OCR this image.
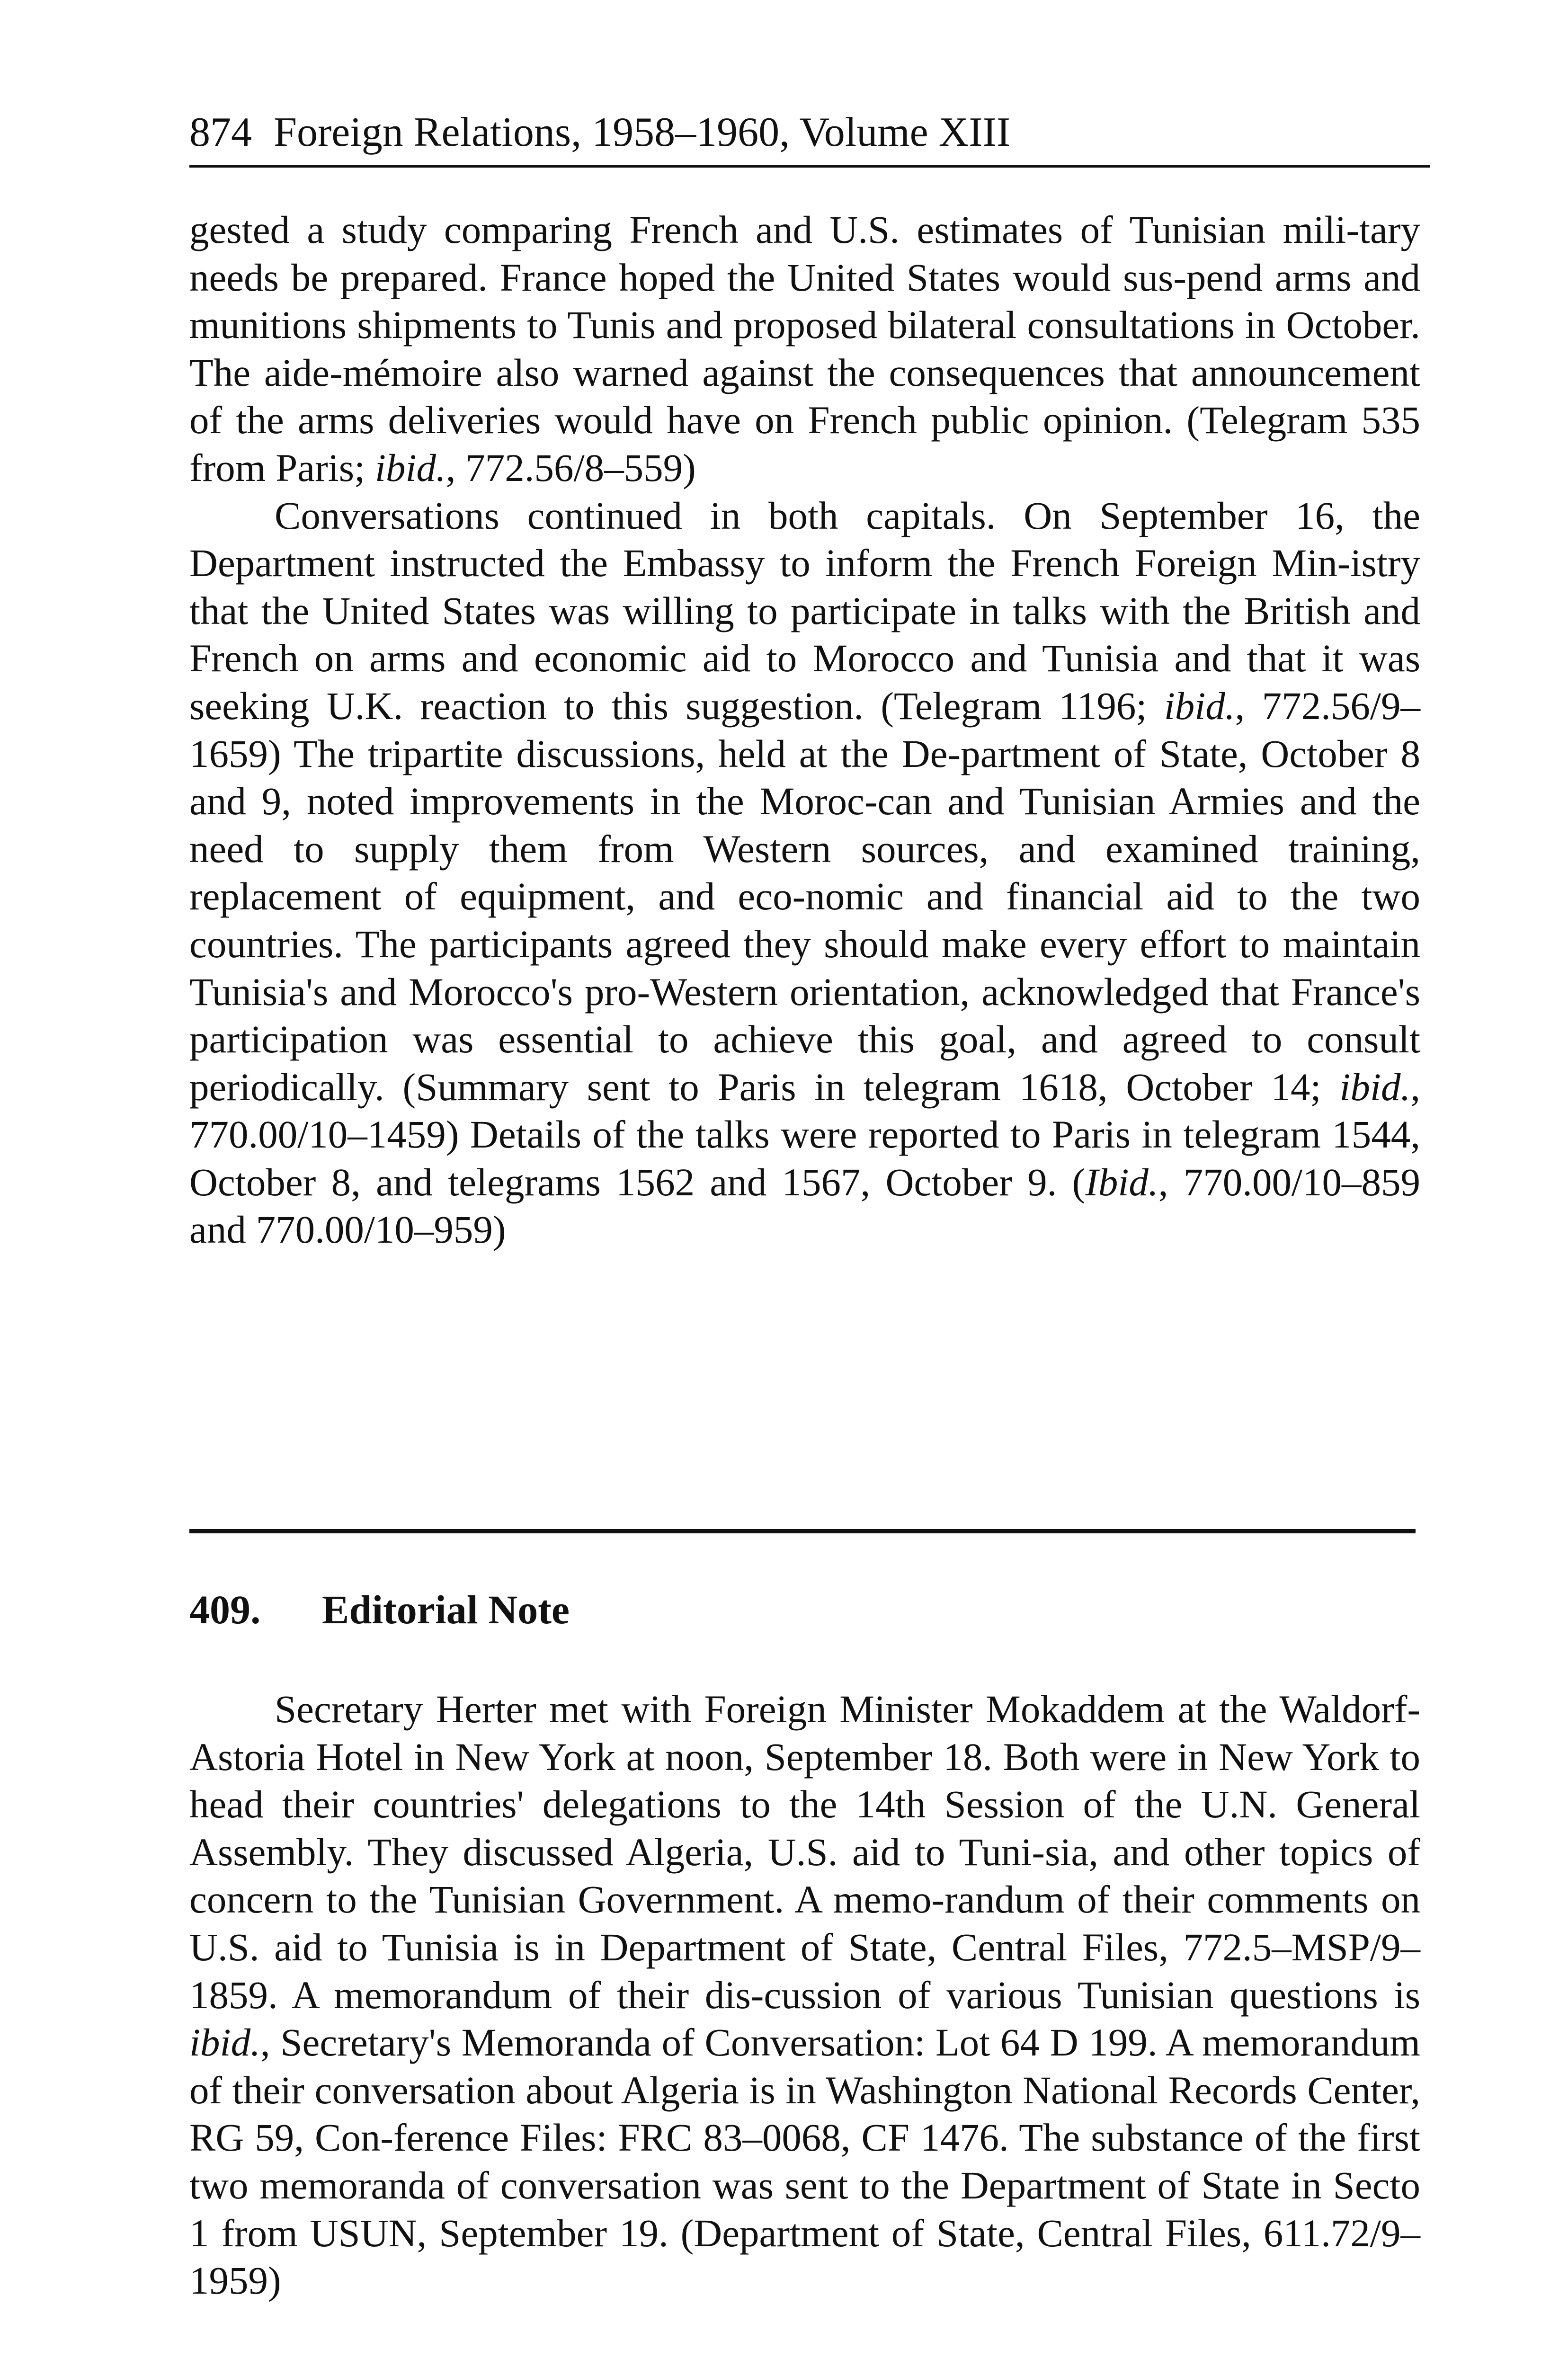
874 Foreign Relations, 1958–1960, Volume XIII

gested a study comparing French and U.S. estimates of Tunisian mili-tary needs be prepared. France hoped the United States would sus-pend arms and munitions shipments to Tunis and proposed bilateral consultations in October. The aide-mémoire also warned against the consequences that announcement of the arms deliveries would have on French public opinion. (Telegram 535 from Paris; ibid., 772.56/​8–559)

Conversations continued in both capitals. On September 16, the Department instructed the Embassy to inform the French Foreign Min-istry that the United States was willing to participate in talks with the British and French on arms and economic aid to Morocco and Tunisia and that it was seeking U.K. reaction to this suggestion. (Telegram 1196; ibid., 772.56/9–1659) The tripartite discussions, held at the De-partment of State, October 8 and 9, noted improvements in the Moroc-can and Tunisian Armies and the need to supply them from Western sources, and examined training, replacement of equipment, and eco-nomic and financial aid to the two countries. The participants agreed they should make every effort to maintain Tunisia's and Morocco's pro-Western orientation, acknowledged that France's participation was essential to achieve this goal, and agreed to consult periodically. (Summary sent to Paris in telegram 1618, October 14; ibid., 770.00/​10–1459) Details of the talks were reported to Paris in telegram 1544, October 8, and telegrams 1562 and 1567, October 9. (Ibid., 770.00/​10–859 and 770.00/10–959)

409. Editorial Note

Secretary Herter met with Foreign Minister Mokaddem at the Waldorf-Astoria Hotel in New York at noon, September 18. Both were in New York to head their countries' delegations to the 14th Session of the U.N. General Assembly. They discussed Algeria, U.S. aid to Tuni-sia, and other topics of concern to the Tunisian Government. A memo-randum of their comments on U.S. aid to Tunisia is in Department of State, Central Files, 772.5–MSP/9–1859. A memorandum of their dis-cussion of various Tunisian questions is ibid., Secretary's Memoranda of Conversation: Lot 64 D 199. A memorandum of their conversation about Algeria is in Washington National Records Center, RG 59, Con-ference Files: FRC 83–0068, CF 1476. The substance of the first two memoranda of conversation was sent to the Department of State in Secto 1 from USUN, September 19. (Department of State, Central Files, 611.72/9–1959)
